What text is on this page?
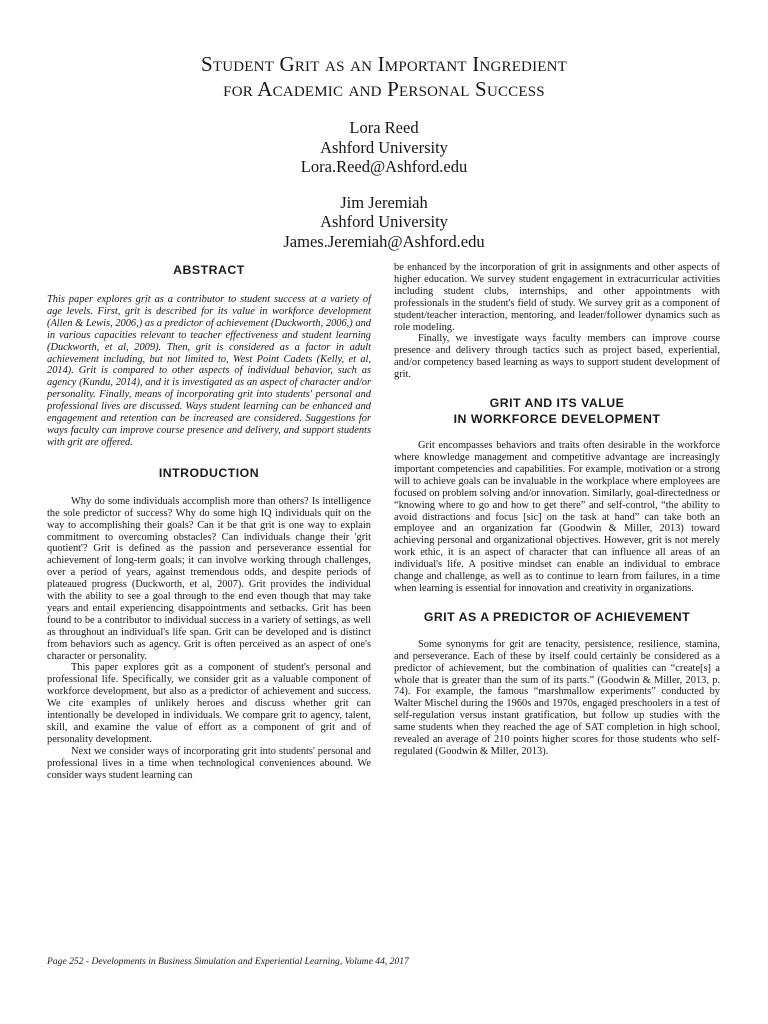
Student Grit as an Important Ingredient
for Academic and Personal Success
Lora Reed
Ashford University
Lora.Reed@Ashford.edu
Jim Jeremiah
Ashford University
James.Jeremiah@Ashford.edu
ABSTRACT

This paper explores grit as a contributor to student success at a variety of age levels. First, grit is described for its value in workforce development (Allen & Lewis, 2006,) as a predictor of achievement (Duckworth, 2006,) and in various capacities relevant to teacher effectiveness and student learning (Duckworth, et al, 2009). Then, grit is considered as a factor in adult achievement including, but not limited to, West Point Cadets (Kelly, et al, 2014). Grit is compared to other aspects of individual behavior, such as agency (Kundu, 2014), and it is investigated as an aspect of character and/or personality. Finally, means of incorporating grit into students' personal and professional lives are discussed. Ways student learning can be enhanced and engagement and retention can be increased are considered. Suggestions for ways faculty can improve course presence and delivery, and support students with grit are offered.

INTRODUCTION

Why do some individuals accomplish more than others? Is intelligence the sole predictor of success? Why do some high IQ individuals quit on the way to accomplishing their goals? Can it be that grit is one way to explain commitment to overcoming obstacles? Can individuals change their 'grit quotient'? Grit is defined as the passion and perseverance essential for achievement of long-term goals; it can involve working through challenges, over a period of years, against tremendous odds, and despite periods of plateaued progress (Duckworth, et al, 2007). Grit provides the individual with the ability to see a goal through to the end even though that may take years and entail experiencing disappointments and setbacks. Grit has been found to be a contributor to individual success in a variety of settings, as well as throughout an individual's life span. Grit can be developed and is distinct from behaviors such as agency. Grit is often perceived as an aspect of one's character or personality.

This paper explores grit as a component of student's personal and professional life. Specifically, we consider grit as a valuable component of workforce development, but also as a predictor of achievement and success. We cite examples of unlikely heroes and discuss whether grit can intentionally be developed in individuals. We compare grit to agency, talent, skill, and examine the value of effort as a component of grit and of personality development.

Next we consider ways of incorporating grit into students' personal and professional lives in a time when technological conveniences abound. We consider ways student learning can

be enhanced by the incorporation of grit in assignments and other aspects of higher education. We survey student engagement in extracurricular activities including student clubs, internships, and other appointments with professionals in the student's field of study. We survey grit as a component of student/teacher interaction, mentoring, and leader/follower dynamics such as role modeling.

Finally, we investigate ways faculty members can improve course presence and delivery through tactics such as project based, experiential, and/or competency based learning as ways to support student development of grit.

GRIT AND ITS VALUE
IN WORKFORCE DEVELOPMENT

Grit encompasses behaviors and traits often desirable in the workforce where knowledge management and competitive advantage are increasingly important competencies and capabilities. For example, motivation or a strong will to achieve goals can be invaluable in the workplace where employees are focused on problem solving and/or innovation. Similarly, goal-directedness or “knowing where to go and how to get there” and self-control, “the ability to avoid distractions and focus [sic] on the task at hand” can take both an employee and an organization far (Goodwin & Miller, 2013) toward achieving personal and organizational objectives. However, grit is not merely work ethic, it is an aspect of character that can influence all areas of an individual's life. A positive mindset can enable an individual to embrace change and challenge, as well as to continue to learn from failures, in a time when learning is essential for innovation and creativity in organizations.

GRIT AS A PREDICTOR OF ACHIEVEMENT

Some synonyms for grit are tenacity, persistence, resilience, stamina, and perseverance. Each of these by itself could certainly be considered as a predictor of achievement, but the combination of qualities can “create[s] a whole that is greater than the sum of its parts.” (Goodwin & Miller, 2013, p. 74). For example, the famous “marshmallow experiments” conducted by Walter Mischel during the 1960s and 1970s, engaged preschoolers in a test of self-regulation versus instant gratification, but follow up studies with the same students when they reached the age of SAT completion in high school, revealed an average of 210 points higher scores for those students who self-regulated (Goodwin & Miller, 2013).

Page 252 - Developments in Business Simulation and Experiential Learning, Volume 44, 2017
